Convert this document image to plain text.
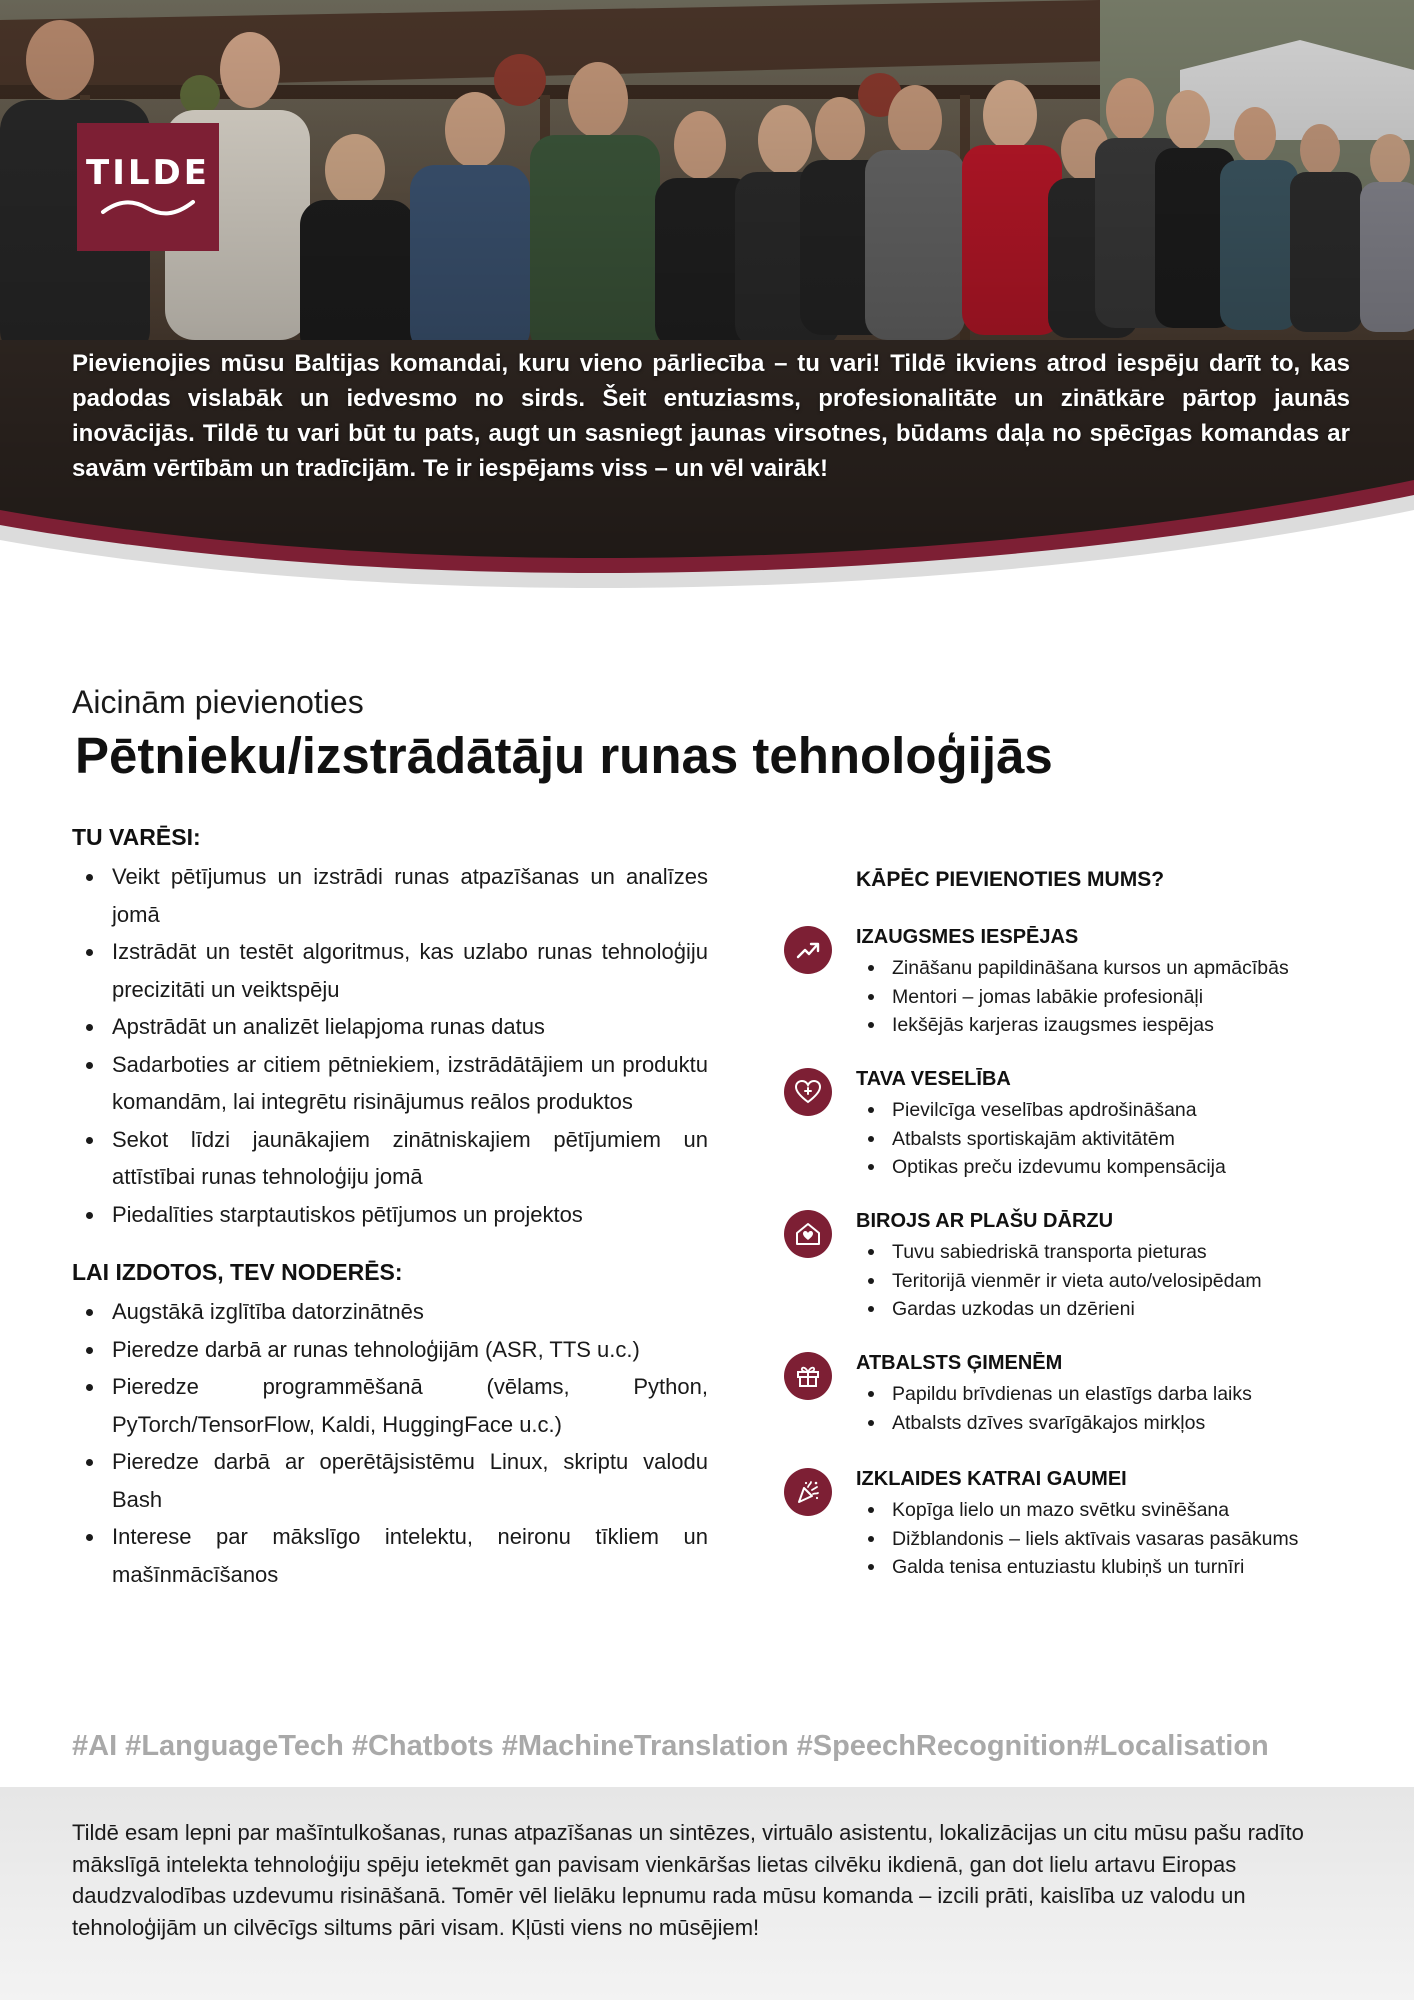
TILDE

Pievienojies mūsu Baltijas komandai, kuru vieno pārliecība – tu vari! Tildē ikviens atrod iespēju darīt to, kas padodas vislabāk un iedvesmo no sirds. Šeit entuziasms, profesionalitāte un zinātkāre pārtop jaunās inovācijās. Tildē tu vari būt tu pats, augt un sasniegt jaunas virsotnes, būdams daļa no spēcīgas komandas ar savām vērtībām un tradīcijām. Te ir iespējams viss – un vēl vairāk!

Aicinām pievienoties
Pētnieku/izstrādātāju runas tehnoloģijās
TU VARĒSI:
Veikt pētījumus un izstrādi runas atpazīšanas un analīzes jomā
Izstrādāt un testēt algoritmus, kas uzlabo runas tehnoloģiju precizitāti un veiktspēju
Apstrādāt un analizēt lielapjoma runas datus
Sadarboties ar citiem pētniekiem, izstrādātājiem un produktu komandām, lai integrētu risinājumus reālos produktos
Sekot līdzi jaunākajiem zinātniskajiem pētījumiem un attīstībai runas tehnoloģiju jomā
Piedalīties starptautiskos pētījumos un projektos
LAI IZDOTOS, TEV NODERĒS:
Augstākā izglītība datorzinātnēs
Pieredze darbā ar runas tehnoloģijām (ASR, TTS u.c.)
Pieredze programmēšanā (vēlams, Python, PyTorch/TensorFlow, Kaldi, HuggingFace u.c.)
Pieredze darbā ar operētājsistēmu Linux, skriptu valodu Bash
Interese par mākslīgo intelektu, neironu tīkliem un mašīnmācīšanos
KĀPĒC PIEVIENOTIES MUMS?
IZAUGSMES IESPĒJAS
Zināšanu papildināšana kursos un apmācībās
Mentori – jomas labākie profesionāļi
Iekšējās karjeras izaugsmes iespējas
TAVA VESELĪBA
Pievilcīga veselības apdrošināšana
Atbalsts sportiskajām aktivitātēm
Optikas preču izdevumu kompensācija
BIROJS AR PLAŠU DĀRZU
Tuvu sabiedriskā transporta pieturas
Teritorijā vienmēr ir vieta auto/velosipēdam
Gardas uzkodas un dzērieni
ATBALSTS ĢIMENĒM
Papildu brīvdienas un elastīgs darba laiks
Atbalsts dzīves svarīgākajos mirkļos
IZKLAIDES KATRAI GAUMEI
Kopīga lielo un mazo svētku svinēšana
Dižblandonis – liels aktīvais vasaras pasākums
Galda tenisa entuziastu klubiņš un turnīri
#AI #LanguageTech #Chatbots #MachineTranslation #SpeechRecognition#Localisation

Tildē esam lepni par mašīntulkošanas, runas atpazīšanas un sintēzes, virtuālo asistentu, lokalizācijas un citu mūsu pašu radīto mākslīgā intelekta tehnoloģiju spēju ietekmēt gan pavisam vienkāršas lietas cilvēku ikdienā, gan dot lielu artavu Eiropas daudzvalodības uzdevumu risināšanā. Tomēr vēl lielāku lepnumu rada mūsu komanda – izcili prāti, kaislība uz valodu un tehnoloģijām un cilvēcīgs siltums pāri visam. Kļūsti viens no mūsējiem!
